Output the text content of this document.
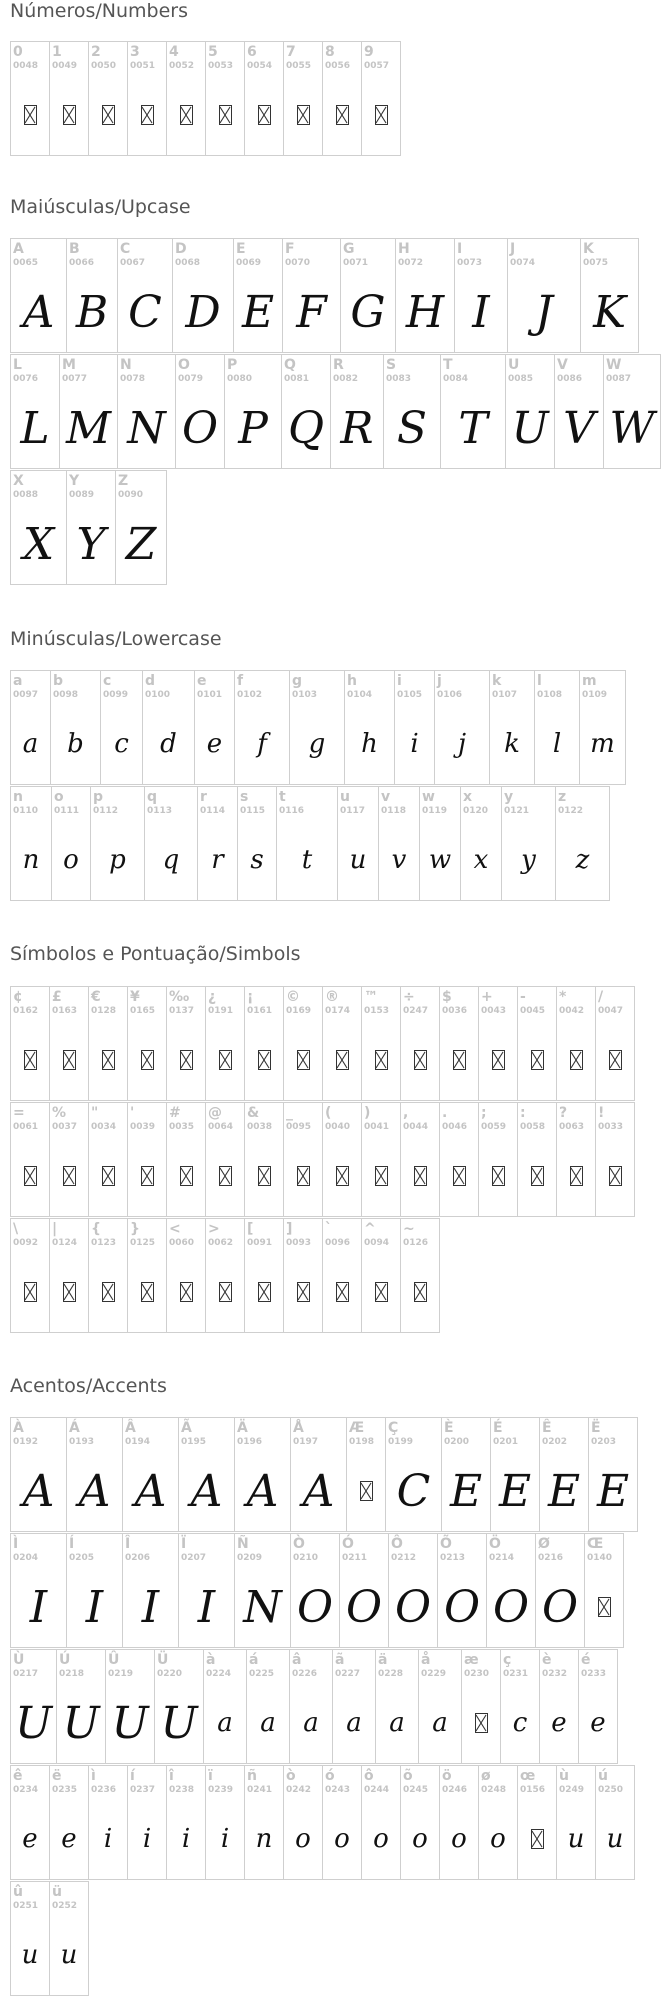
Números/Numbers
Maiúsculas/Upcase
Minúsculas/Lowercase
Símbolos e Pontuação/Simbols
Acentos/Accents
0
0048
1
0049
2
0050
3
0051
4
0052
5
0053
6
0054
7
0055
8
0056
9
0057
A
0065
A
B
0066
B
C
0067
C
D
0068
D
E
0069
E
F
0070
F
G
0071
G
H
0072
H
I
0073
I
J
0074
J
K
0075
K
L
0076
L
M
0077
M
N
0078
N
O
0079
O
P
0080
P
Q
0081
Q
R
0082
R
S
0083
S
T
0084
T
U
0085
U
V
0086
V
W
0087
W
X
0088
X
Y
0089
Y
Z
0090
Z
a
0097
a
b
0098
b
c
0099
c
d
0100
d
e
0101
e
f
0102
f
g
0103
g
h
0104
h
i
0105
i
j
0106
j
k
0107
k
l
0108
l
m
0109
m
n
0110
n
o
0111
o
p
0112
p
q
0113
q
r
0114
r
s
0115
s
t
0116
t
u
0117
u
v
0118
v
w
0119
w
x
0120
x
y
0121
y
z
0122
z
¢
0162
£
0163
€
0128
¥
0165
‰
0137
¿
0191
¡
0161
©
0169
®
0174
™
0153
÷
0247
$
0036
+
0043
-
0045
*
0042
/
0047
=
0061
%
0037
"
0034
'
0039
#
0035
@
0064
&
0038
_
0095
(
0040
)
0041
,
0044
.
0046
;
0059
:
0058
?
0063
!
0033
\
0092
|
0124
{
0123
}
0125
<
0060
>
0062
[
0091
]
0093
`
0096
^
0094
~
0126
À
0192
A
Á
0193
A
Â
0194
A
Ã
0195
A
Ä
0196
A
Å
0197
A
Æ
0198
Ç
0199
C
È
0200
E
É
0201
E
Ê
0202
E
Ë
0203
E
Ì
0204
I
Í
0205
I
Î
0206
I
Ï
0207
I
Ñ
0209
N
Ò
0210
O
Ó
0211
O
Ô
0212
O
Õ
0213
O
Ö
0214
O
Ø
0216
O
Œ
0140
Ù
0217
U
Ú
0218
U
Û
0219
U
Ü
0220
U
à
0224
a
á
0225
a
â
0226
a
ã
0227
a
ä
0228
a
å
0229
a
æ
0230
ç
0231
c
è
0232
e
é
0233
e
ê
0234
e
ë
0235
e
ì
0236
i
í
0237
i
î
0238
i
ï
0239
i
ñ
0241
n
ò
0242
o
ó
0243
o
ô
0244
o
õ
0245
o
ö
0246
o
ø
0248
o
œ
0156
ù
0249
u
ú
0250
u
û
0251
u
ü
0252
u
